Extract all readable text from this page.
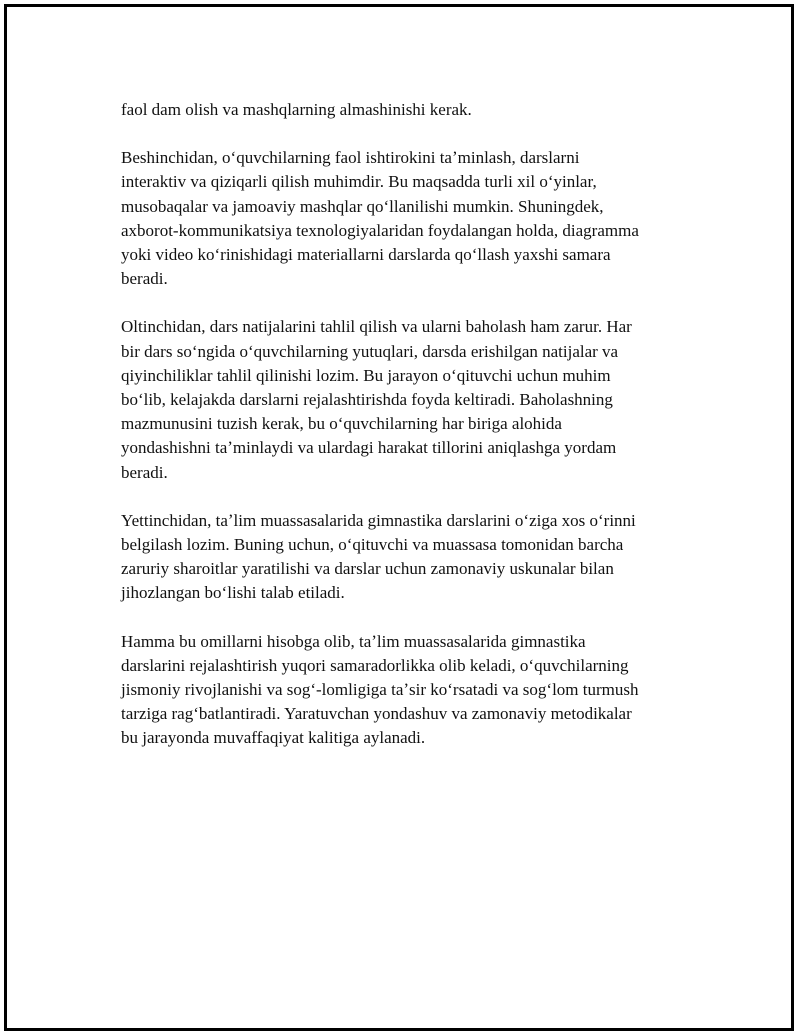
faol dam olish va mashqlarning almashinishi kerak.

Beshinchidan, oʻquvchilarning faol ishtirokini taʼminlash, darslarni
interaktiv va qiziqarli qilish muhimdir. Bu maqsadda turli xil oʻyinlar,
musobaqalar va jamoaviy mashqlar qoʻllanilishi mumkin. Shuningdek,
axborot-kommunikatsiya texnologiyalaridan foydalangan holda, diagramma
yoki video koʻrinishidagi materiallarni darslarda qoʻllash yaxshi samara
beradi.

Oltinchidan, dars natijalarini tahlil qilish va ularni baholash ham zarur. Har
bir dars soʻngida oʻquvchilarning yutuqlari, darsda erishilgan natijalar va
qiyinchiliklar tahlil qilinishi lozim. Bu jarayon oʻqituvchi uchun muhim
boʻlib, kelajakda darslarni rejalashtirishda foyda keltiradi. Baholashning
mazmunusini tuzish kerak, bu oʻquvchilarning har biriga alohida
yondashishni taʼminlaydi va ulardagi harakat tillorini aniqlashga yordam
beradi.

Yettinchidan, taʼlim muassasalarida gimnastika darslarini oʻziga xos oʻrinni
belgilash lozim. Buning uchun, oʻqituvchi va muassasa tomonidan barcha
zaruriy sharoitlar yaratilishi va darslar uchun zamonaviy uskunalar bilan
jihozlangan boʻlishi talab etiladi.

Hamma bu omillarni hisobga olib, taʼlim muassasalarida gimnastika
darslarini rejalashtirish yuqori samaradorlikka olib keladi, oʻquvchilarning
jismoniy rivojlanishi va sogʻ-lomligiga taʼsir koʻrsatadi va sogʻlom turmush
tarziga ragʻbatlantiradi. Yaratuvchan yondashuv va zamonaviy metodikalar
bu jarayonda muvaffaqiyat kalitiga aylanadi.
